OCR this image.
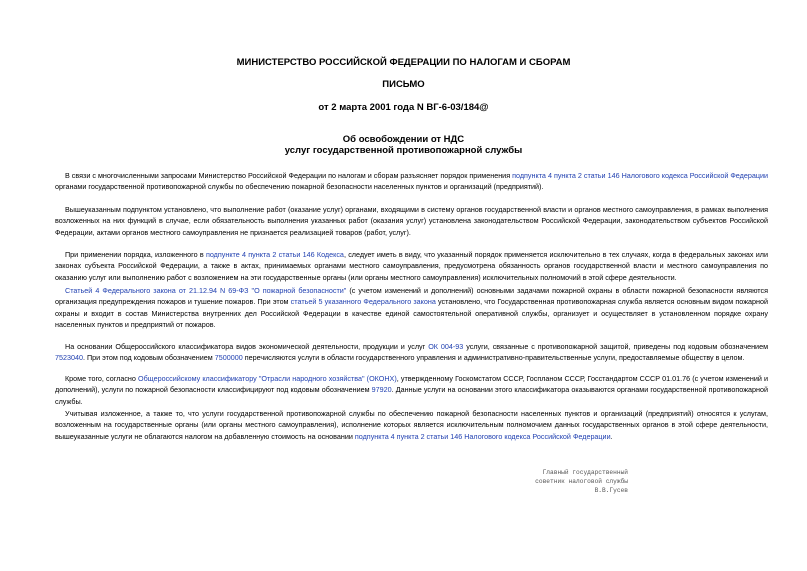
МИНИСТЕРСТВО РОССИЙСКОЙ ФЕДЕРАЦИИ ПО НАЛОГАМ И СБОРАМ
ПИСЬМО
от 2 марта 2001 года N ВГ-6-03/184@
Об освобождении от НДС
услуг государственной противопожарной службы

В связи с многочисленными запросами Министерство Российской Федерации по налогам и сборам разъясняет порядок применения подпункта 4 пункта 2 статьи 146 Налогового кодекса Российской Федерации органами государственной противопожарной службы по обеспечению пожарной безопасности населенных пунктов и организаций (предприятий).

Вышеуказанным подпунктом установлено, что выполнение работ (оказание услуг) органами, входящими в систему органов государственной власти и органов местного самоуправления, в рамках выполнения возложенных на них функций в случае, если обязательность выполнения указанных работ (оказания услуг) установлена законодательством Российской Федерации, законодательством субъектов Российской Федерации, актами органов местного самоуправления не признается реализацией товаров (работ, услуг).

При применении порядка, изложенного в подпункте 4 пункта 2 статьи 146 Кодекса, следует иметь в виду, что указанный порядок применяется исключительно в тех случаях, когда в федеральных законах или законах субъекта Российской Федерации, а также в актах, принимаемых органами местного самоуправления, предусмотрена обязанность органов государственной власти и местного самоуправления по оказанию услуг или выполнению работ с возложением на эти государственные органы (или органы местного самоуправления) исключительных полномочий в этой сфере деятельности.

Статьей 4 Федерального закона от 21.12.94 N 69-ФЗ "О пожарной безопасности" (с учетом изменений и дополнений) основными задачами пожарной охраны в области пожарной безопасности являются организация предупреждения пожаров и тушение пожаров. При этом статьей 5 указанного Федерального закона установлено, что Государственная противопожарная служба является основным видом пожарной охраны и входит в состав Министерства внутренних дел Российской Федерации в качестве единой самостоятельной оперативной службы, организует и осуществляет в установленном порядке охрану населенных пунктов и предприятий от пожаров.

На основании Общероссийского классификатора видов экономической деятельности, продукции и услуг ОК 004-93 услуги, связанные с противопожарной защитой, приведены под кодовым обозначением 7523040. При этом под кодовым обозначением 7500000 перечисляются услуги в области государственного управления и административно-правительственные услуги, предоставляемые обществу в целом.

Кроме того, согласно Общероссийскому классификатору "Отрасли народного хозяйства" (ОКОНХ), утвержденному Госкомстатом СССР, Госпланом СССР, Госстандартом СССР 01.01.76 (с учетом изменений и дополнений), услуги по пожарной безопасности классифицируют под кодовым обозначением 97920. Данные услуги на основании этого классификатора оказываются органами государственной противопожарной службы.

Учитывая изложенное, а также то, что услуги государственной противопожарной службы по обеспечению пожарной безопасности населенных пунктов и организаций (предприятий) относятся к услугам, возложенным на государственные органы (или органы местного самоуправления), исполнение которых является исключительным полномочием данных государственных органов в этой сфере деятельности, вышеуказанные услуги не облагаются налогом на добавленную стоимость на основании подпункта 4 пункта 2 статьи 146 Налогового кодекса Российской Федерации.

Главный государственный
советник налоговой службы
В.В.Гусев
